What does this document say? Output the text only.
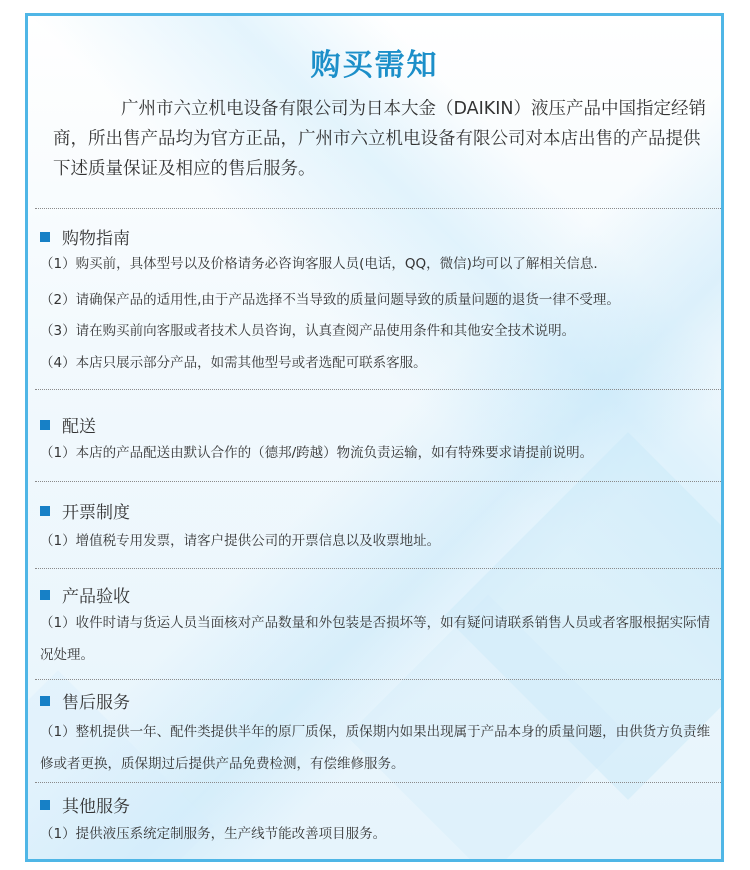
购买需知
广州市六立机电设备有限公司为日本大金（DAIKIN）液压产品中国指定经销商，所出售产品均为官方正品，广州市六立机电设备有限公司对本店出售的产品提供下述质量保证及相应的售后服务。
购物指南
（1）购买前，具体型号以及价格请务必咨询客服人员(电话，QQ，微信)均可以了解相关信息.
（2）请确保产品的适用性,由于产品选择不当导致的质量问题导致的质量问题的退货一律不受理。
（3）请在购买前向客服或者技术人员咨询，认真查阅产品使用条件和其他安全技术说明。
（4）本店只展示部分产品，如需其他型号或者选配可联系客服。
配送
（1）本店的产品配送由默认合作的（德邦/跨越）物流负责运输，如有特殊要求请提前说明。
开票制度
（1）增值税专用发票，请客户提供公司的开票信息以及收票地址。
产品验收
（1）收件时请与货运人员当面核对产品数量和外包装是否损坏等，如有疑问请联系销售人员或者客服根据实际情况处理。
售后服务
（1）整机提供一年、配件类提供半年的原厂质保，质保期内如果出现属于产品本身的质量问题，由供货方负责维修或者更换，质保期过后提供产品免费检测，有偿维修服务。
其他服务
（1）提供液压系统定制服务，生产线节能改善项目服务。
